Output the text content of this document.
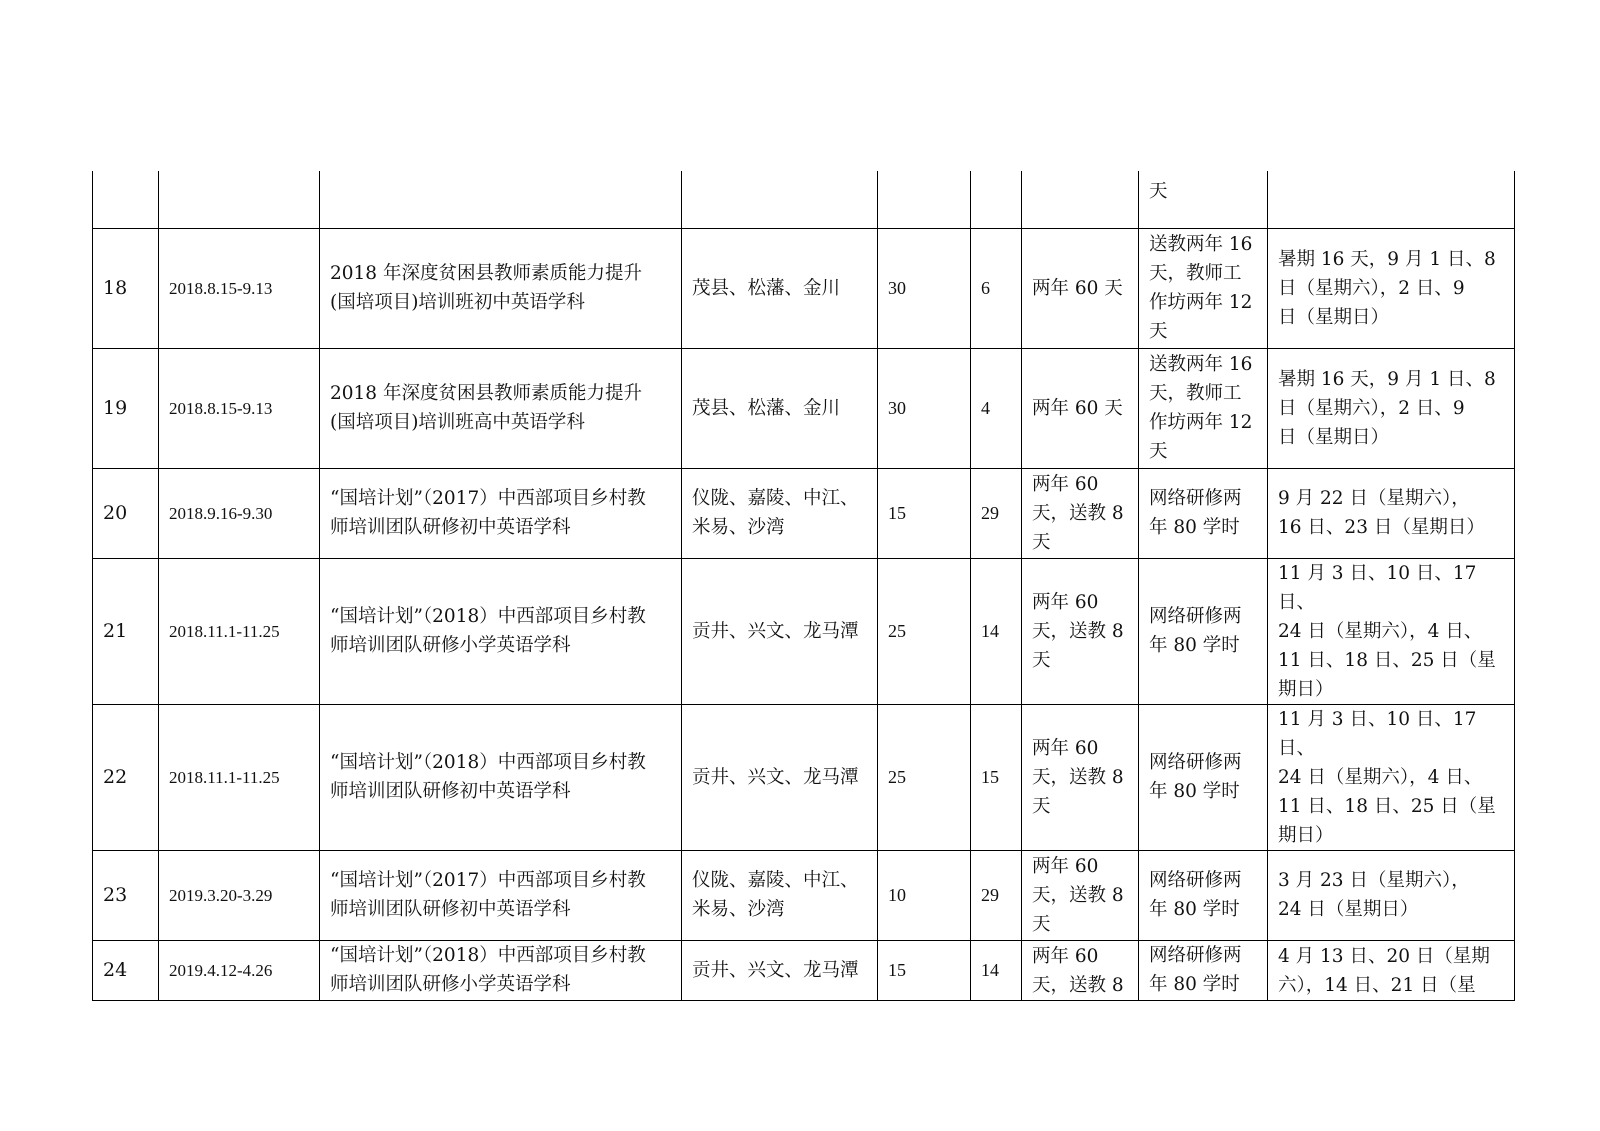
							天	
18	2018.8.15-9.13	2018 年深度贫困县教师素质能力提升
(国培项目)培训班初中英语学科	茂县、松藩、金川	30	6	两年 60 天	送教两年 16
天，教师工
作坊两年 12
天	暑期 16 天，9 月 1 日、8
日（星期六），2 日、9
日（星期日）
19	2018.8.15-9.13	2018 年深度贫困县教师素质能力提升
(国培项目)培训班高中英语学科	茂县、松藩、金川	30	4	两年 60 天	送教两年 16
天，教师工
作坊两年 12
天	暑期 16 天，9 月 1 日、8
日（星期六），2 日、9
日（星期日）
20	2018.9.16-9.30	“国培计划”（2017）中西部项目乡村教
师培训团队研修初中英语学科	仪陇、嘉陵、中江、
米易、沙湾	15	29	两年 60
天，送教 8
天	网络研修两
年 80 学时	9 月 22 日（星期六），
16 日、23 日（星期日）
21	2018.11.1-11.25	“国培计划”（2018）中西部项目乡村教
师培训团队研修小学英语学科	贡井、兴文、龙马潭	25	14	两年 60
天，送教 8
天	网络研修两
年 80 学时	11 月 3 日、10 日、17 日、
24 日（星期六），4 日、
11 日、18 日、25 日（星
期日）
22	2018.11.1-11.25	“国培计划”（2018）中西部项目乡村教
师培训团队研修初中英语学科	贡井、兴文、龙马潭	25	15	两年 60
天，送教 8
天	网络研修两
年 80 学时	11 月 3 日、10 日、17 日、
24 日（星期六），4 日、
11 日、18 日、25 日（星
期日）
23	2019.3.20-3.29	“国培计划”（2017）中西部项目乡村教
师培训团队研修初中英语学科	仪陇、嘉陵、中江、
米易、沙湾	10	29	两年 60
天，送教 8
天	网络研修两
年 80 学时	3 月 23 日（星期六），
24 日（星期日）
24	2019.4.12-4.26	“国培计划”（2018）中西部项目乡村教
师培训团队研修小学英语学科	贡井、兴文、龙马潭	15	14	两年 60
天，送教 8	网络研修两
年 80 学时	4 月 13 日、20 日（星期
六），14 日、21 日（星
